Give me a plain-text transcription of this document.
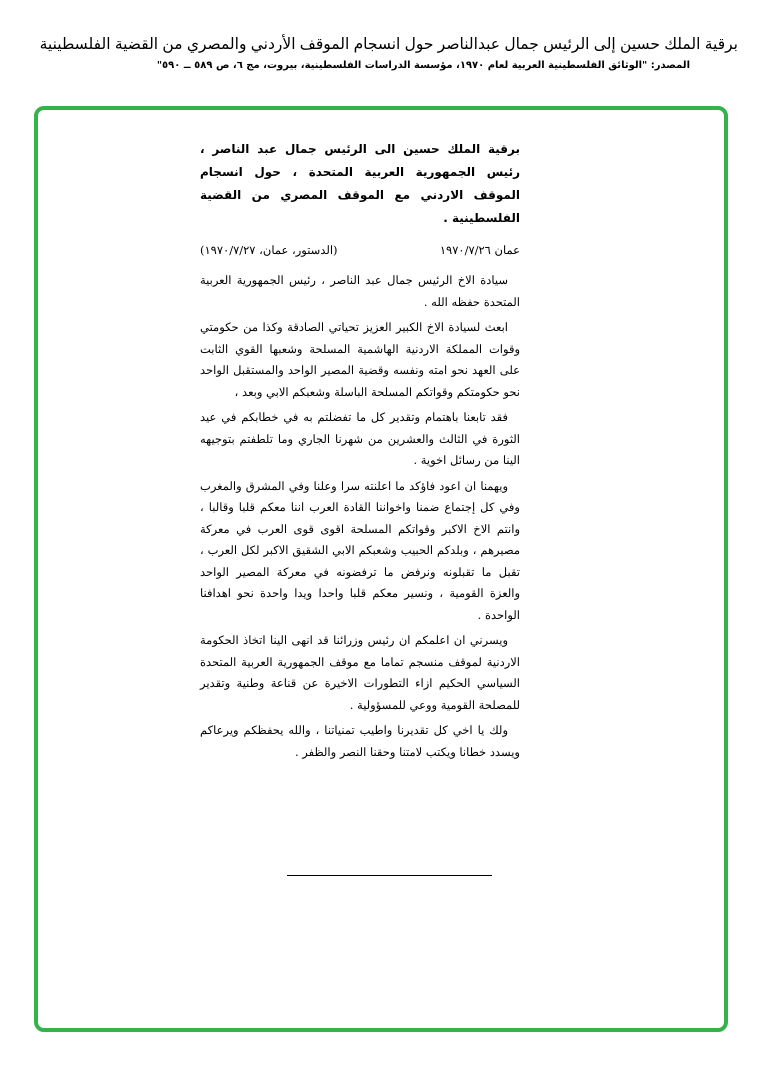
برقية الملك حسين إلى الرئيس جمال عبدالناصر حول انسجام الموقف الأردني والمصري من القضية الفلسطينية
المصدر: "الوثائق الفلسطينية العربية لعام ١٩٧٠، مؤسسة الدراسات الفلسطينية، بيروت، مج ٦، ص ٥٨٩ ــ ٥٩٠"
برقية الملك حسين الى الرئيس جمال عبد الناصر ، رئيس الجمهورية العربية المتحدة ، حول انسجام الموقف الاردني مع الموقف المصري من القضية الفلسطينية .
عمان ١٩٧٠/٧/٢٦
(الدستور، عمان، ١٩٧٠/٧/٢٧)

سيادة الاخ الرئيس جمال عبد الناصر ، رئيس الجمهورية العربية المتحدة حفظه الله .

ابعث لسيادة الاخ الكبير العزيز تحياتي الصادقة وكذا من حكومتي وقوات المملكة الاردنية الهاشمية المسلحة وشعبها القوي الثابت على العهد نحو امته ونفسه وقضية المصير الواحد والمستقبل الواحد نحو حكومتكم وقواتكم المسلحة الباسلة وشعبكم الابي وبعد ،

فقد تابعنا باهتمام وتقدير كل ما تفضلتم به في خطابكم في عيد الثورة في الثالث والعشرين من شهرنا الجاري وما تلطفتم بتوجيهه الينا من رسائل اخوية .

ويهمنا ان اعود فاؤكد ما اعلنته سرا وعلنا وفي المشرق والمغرب وفي كل إجتماع ضمنا واخواننا القادة العرب اننا معكم قلبا وقالبا ، وانتم الاخ الاكبر وقواتكم المسلحة اقوى قوى العرب في معركة مصيرهم ، وبلدكم الحبيب وشعبكم الابي الشقيق الاكبر لكل العرب ، تقبل ما تقبلونه ونرفض ما ترفضونه في معركة المصير الواحد والعزة القومية ، ونسير معكم قلبا واحدا ويدا واحدة نحو اهدافنا الواحدة .

ويسرني ان اعلمكم ان رئيس وزرائنا قد انهى الينا اتخاذ الحكومة الاردنية لموقف منسجم تماما مع موقف الجمهورية العربية المتحدة السياسي الحكيم ازاء التطورات الاخيرة عن قناعة وطنية وتقدير للمصلحة القومية ووعي للمسؤولية .

ولك يا اخي كل تقديرنا واطيب تمنياتنا ، والله يحفظكم ويرعاكم ويسدد خطانا ويكتب لامتنا وحقنا النصر والظفر .
